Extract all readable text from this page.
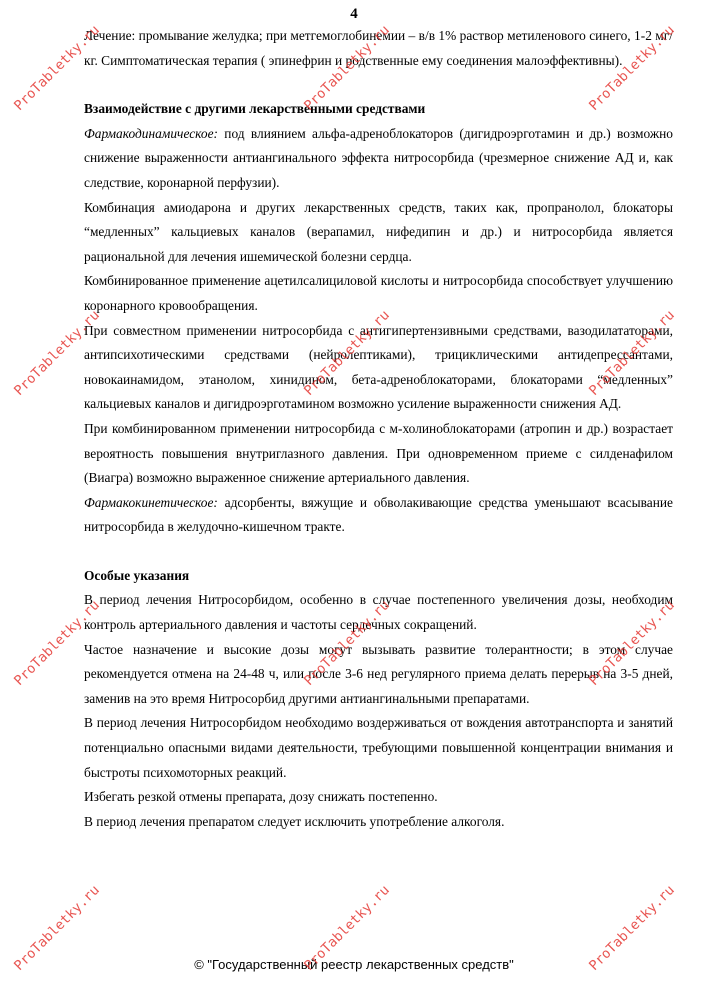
4

Лечение: промывание желудка; при метгемоглобинемии – в/в 1% раствор метиленового синего, 1-2 мг/кг. Симптоматическая терапия ( эпинефрин и родственные ему соединения малоэффективны).

Взаимодействие с другими лекарственными средствами

Фармакодинамическое: под влиянием альфа-адреноблокаторов (дигидроэрготамин и др.) возможно снижение выраженности антиангинального эффекта нитросорбида (чрезмерное снижение АД и, как следствие, коронарной перфузии).

Комбинация амиодарона и других лекарственных средств, таких как, пропранолол, блокаторы “медленных” кальциевых каналов (верапамил, нифедипин и др.) и нитросорбида является рациональной для лечения ишемической болезни сердца.

Комбинированное применение ацетилсалициловой кислоты и нитросорбида способствует улучшению коронарного кровообращения.

При совместном применении нитросорбида с антигипертензивными средствами, вазодилататорами, антипсихотическими средствами (нейролептиками), трициклическими антидепрессантами, новокаинамидом, этанолом, хинидином, бета-адреноблокаторами, блокаторами “медленных” кальциевых каналов и дигидроэрготамином возможно усиление выраженности снижения АД.

При комбинированном применении нитросорбида с м-холиноблокаторами (атропин и др.) возрастает вероятность повышения внутриглазного давления. При одновременном приеме с силденафилом (Виагра) возможно выраженное снижение артериального давления.

Фармакокинетическое: адсорбенты, вяжущие и обволакивающие средства уменьшают всасывание нитросорбида в желудочно-кишечном тракте.

Особые указания

В период лечения Нитросорбидом, особенно в случае постепенного увеличения дозы, необходим контроль артериального давления и частоты сердечных сокращений.

Частое назначение и высокие дозы могут вызывать развитие толерантности; в этом случае рекомендуется отмена на 24-48 ч, или после 3-6 нед регулярного приема делать перерыв на 3-5 дней, заменив на это время Нитросорбид другими антиангинальными препаратами.

В период лечения Нитросорбидом необходимо воздерживаться от вождения автотранспорта и занятий потенциально опасными видами деятельности, требующими повышенной концентрации внимания и быстроты психомоторных реакций.

Избегать резкой отмены препарата, дозу снижать постепенно.

В период лечения препаратом следует исключить употребление алкоголя.

© "Государственный реестр лекарственных средств"
ProTabletky.ru	ProTabletky.ru	ProTabletky.ru
ProTabletky.ru	ProTabletky.ru	ProTabletky.ru
ProTabletky.ru	ProTabletky.ru	ProTabletky.ru
ProTabletky.ru	ProTabletky.ru	ProTabletky.ru
